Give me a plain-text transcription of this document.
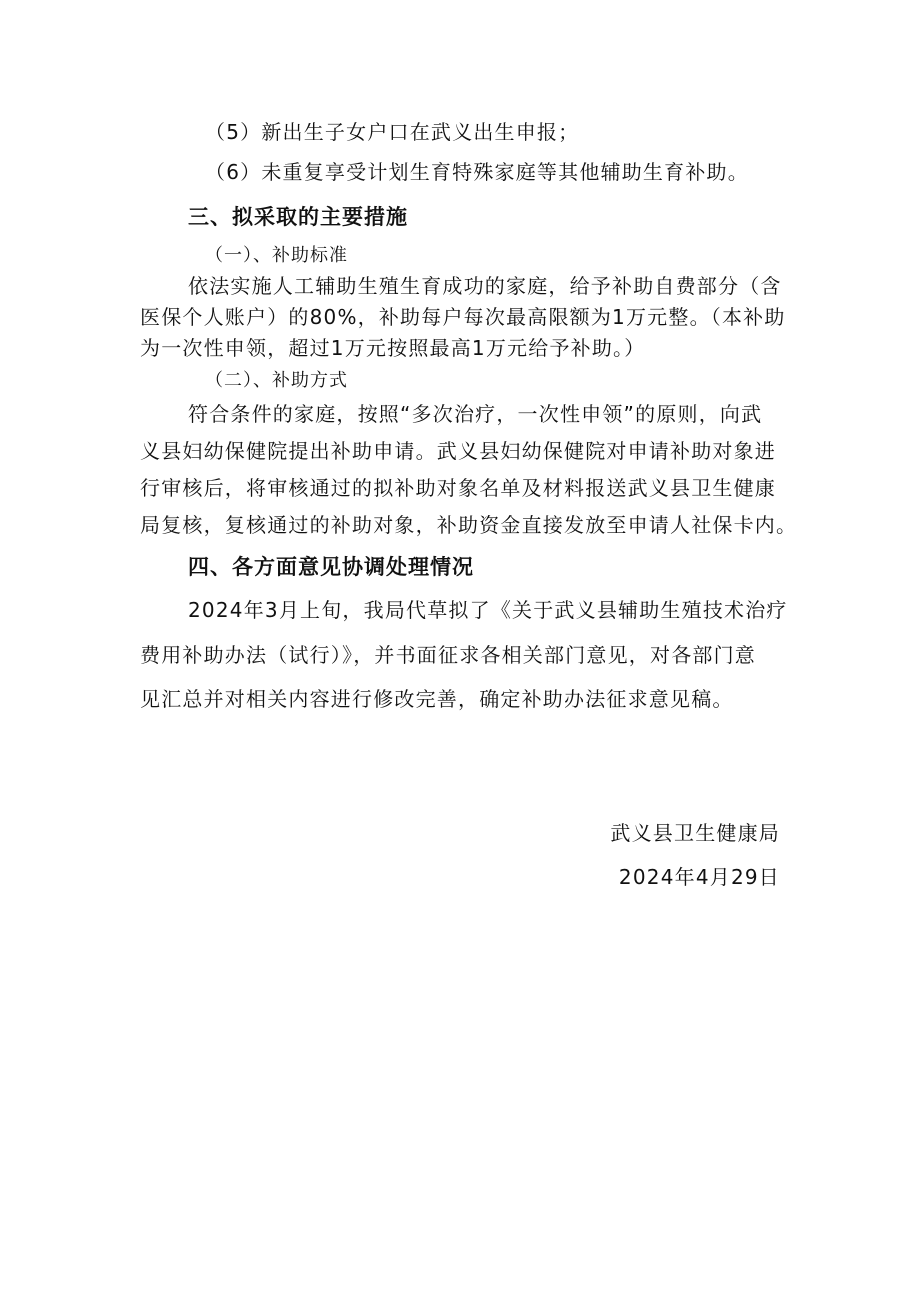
（5）新出生子女户口在武义出生申报；
（6）未重复享受计划生育特殊家庭等其他辅助生育补助。
三、拟采取的主要措施
（一）、补助标准
依法实施人工辅助生殖生育成功的家庭，给予补助自费部分（含
医保个人账户）的80%，补助每户每次最高限额为1万元整。（本补助
为一次性申领，超过1万元按照最高1万元给予补助。）
（二）、补助方式
符合条件的家庭，按照“多次治疗，一次性申领”的原则，向武
义县妇幼保健院提出补助申请。武义县妇幼保健院对申请补助对象进
行审核后，将审核通过的拟补助对象名单及材料报送武义县卫生健康
局复核，复核通过的补助对象，补助资金直接发放至申请人社保卡内。
四、各方面意见协调处理情况
2024年3月上旬，我局代草拟了《关于武义县辅助生殖技术治疗
费用补助办法（试行）》，并书面征求各相关部门意见，对各部门意
见汇总并对相关内容进行修改完善，确定补助办法征求意见稿。
武义县卫生健康局
2024年4月29日
